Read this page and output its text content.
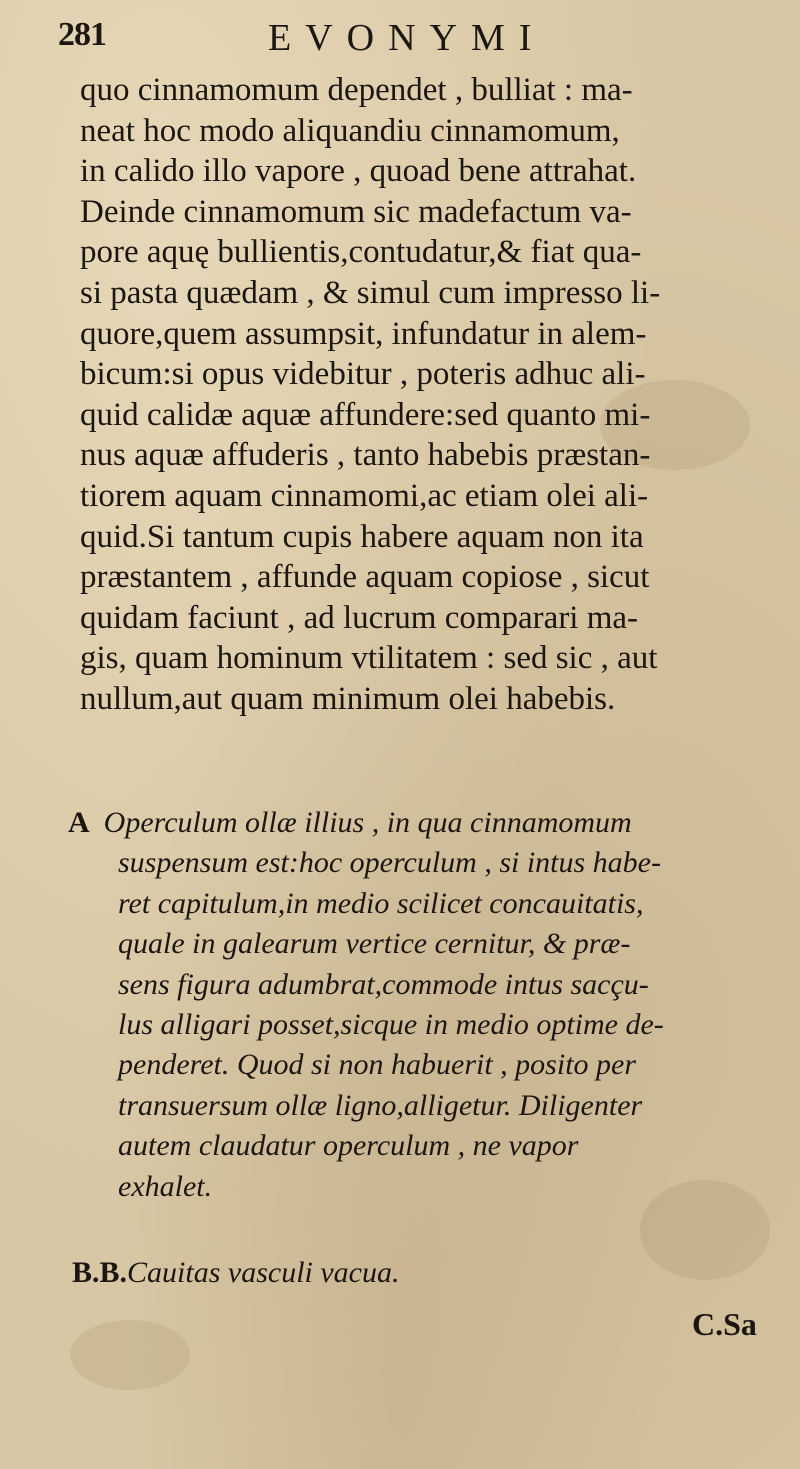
281	EVONYMI
quo cinnamomum dependet , bulliat : ma-
neat hoc modo aliquandiu cinnamomum,
in calido illo vapore , quoad bene attrahat.
Deinde cinnamomum sic madefactum va-
pore aquę bullientis,contudatur,& fiat qua-
si pasta quædam , & simul cum impresso li-
quore,quem assumpsit, infundatur in alem-
bicum:si opus videbitur , poteris adhuc ali-
quid calidæ aquæ affundere:sed quanto mi-
nus aquæ affuderis , tanto habebis præstan-
tiorem aquam cinnamomi,ac etiam olei ali-
quid.Si tantum cupis habere aquam non ita
præstantem , affunde aquam copiose , sicut
quidam faciunt , ad lucrum comparari ma-
gis, quam hominum vtilitatem : sed sic , aut
nullum,aut quam minimum olei habebis.
A Operculum ollæ illius , in qua cinnamomum
suspensum est:hoc operculum , si intus habe-
ret capitulum,in medio scilicet concauitatis,
quale in galearum vertice cernitur, & præ-
sens figura adumbrat,commode intus sacçu-
lus alligari posset,sicque in medio optime de-
penderet. Quod si non habuerit , posito per
transuersum ollæ ligno,alligetur. Diligenter
autem claudatur operculum , ne vapor
exhalet.
B.B.Cauitas vasculi vacua.
C.Sa
